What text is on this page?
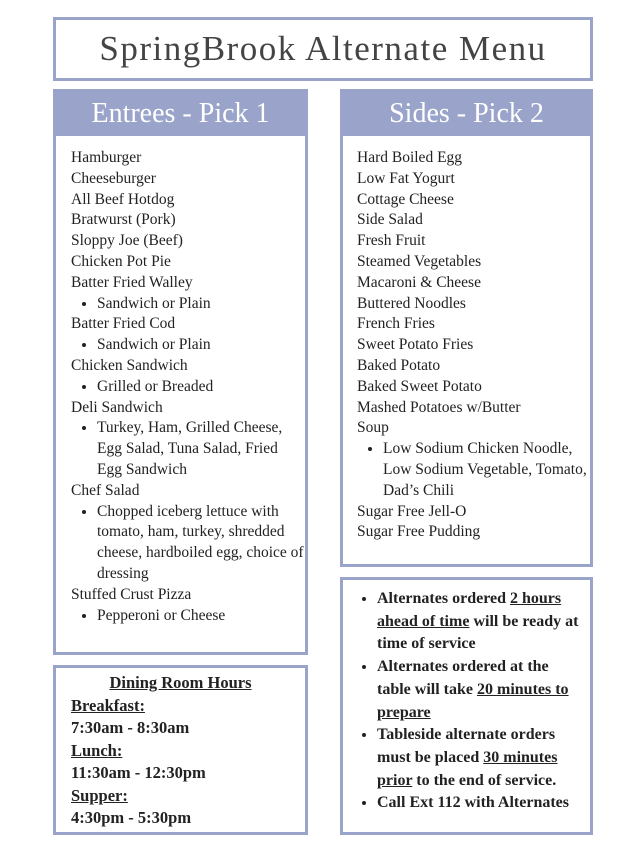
SpringBrook Alternate Menu
Entrees - Pick 1
Hamburger
Cheeseburger
All Beef Hotdog
Bratwurst (Pork)
Sloppy Joe (Beef)
Chicken Pot Pie
Batter Fried Walley
• Sandwich or Plain
Batter Fried Cod
• Sandwich or Plain
Chicken Sandwich
• Grilled or Breaded
Deli Sandwich
• Turkey, Ham, Grilled Cheese, Egg Salad, Tuna Salad, Fried Egg Sandwich
Chef Salad
• Chopped iceberg lettuce with tomato, ham, turkey, shredded cheese, hardboiled egg, choice of dressing
Stuffed Crust Pizza
• Pepperoni or Cheese
Sides - Pick 2
Hard Boiled Egg
Low Fat Yogurt
Cottage Cheese
Side Salad
Fresh Fruit
Steamed Vegetables
Macaroni & Cheese
Buttered Noodles
French Fries
Sweet Potato Fries
Baked Potato
Baked Sweet Potato
Mashed Potatoes w/Butter
Soup
• Low Sodium Chicken Noodle, Low Sodium Vegetable, Tomato, Dad’s Chili
Sugar Free Jell-O
Sugar Free Pudding
Dining Room Hours
Breakfast:
7:30am - 8:30am
Lunch:
11:30am - 12:30pm
Supper:
4:30pm - 5:30pm
• Alternates ordered 2 hours ahead of time will be ready at time of service
• Alternates ordered at the table will take 20 minutes to prepare
• Tableside alternate orders must be placed 30 minutes prior to the end of service.
• Call Ext 112 with Alternates
